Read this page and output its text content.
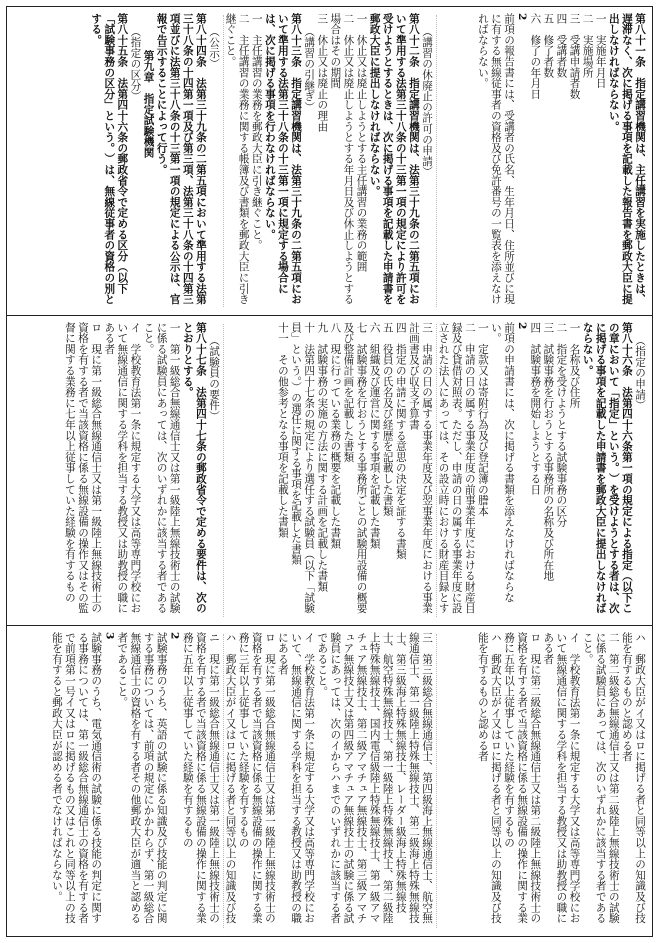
第八十一条　指定講習機関は、主任講習を実施したときは、遅滞なく、次に掲げる事項を記載した報告書を郵政大臣に提出しなければならない。
一　実施年月日
二　実施場所
三　受講申請者数
四　受講者数
五　修了者数
六　修了の年月日
2
前項の報告書には、受講者の氏名、生年月日、住所並びに現に有する無線従事者の資格及び免許番号の一覧表を添えなければならない。
（講習の休廃止の許可の申請）
第八十二条　指定講習機関は、法第三十九条の二第五項において準用する法第三十八条の十三第一項の規定により許可を受けようとするときは、次に掲げる事項を記載した申請書を郵政大臣に提出しなければならない。
一　休止又は廃止しようとする主任講習の業務の範囲
二　休止又は廃止しようとする年月日及び休止しようとする場合はその期間
三　休止又は廃止の理由
（講習の引継ぎ）
第八十三条　指定講習機関は、法第三十九条の二第五項において準用する法第三十八条の十三第一項に規定する場合には、次に掲げる事項を行わなければならない。
一　主任講習の業務を郵政大臣に引き継ぐこと。
二　主任講習の業務に関する帳簿及び書類を郵政大臣に引き継ぐこと。
（公示）
第八十四条　法第三十九条の二第五項において準用する法第三十八条の十四第一項及び第三項、法第三十八条の十四第三項並びに法第三十八条の十三第一項の規定による公示は、官報で告示することによって行う。
第九章　指定試験機関
（指定の区分）
第八十五条　法第四十六条の郵政省令で定める区分（以下「試験事務の区分」という。）は、無線従事者の資格の別とする。
（指定の申請）
第八十六条　法第四十六条第一項の規定による指定（以下この章において「指定」という。）を受けようとする者は、次に掲げる事項を記載した申請書を郵政大臣に提出しなければならない。
一　名称及び住所
二　指定を受けようとする試験事務の区分
三　試験事務を行おうとする事務所の名称及び所在地
四　試験事務を開始しようとする日
2
前項の申請書には、次に掲げる書類を添えなければならない。
一　定款又は寄附行為及び登記簿の謄本
二　申請の日の属する事業年度の前事業年度における財産目録及び貸借対照表。ただし、申請の日の属する事業年度に設立された法人にあっては、その設立時における財産目録とす
三　申請の日の属する事業年度及び翌事業年度における事業計画書及び収支予算書
四　指定の申請に関する意思の決定を証する書類
五　役員の氏名及び経歴を記載した書類
六　組織及び運営に関する事項を記載した書類
七　試験事務を行おうとする事務所ごとの試験用設備の概要及び整備計画を記載した書類
八　現に行っている業務の概要を記載した書類
九　試験事務の実施の方法に関する計画を記載した書類
十　法第四十七条の規定により選任する試験員（以下「試験員」という。）の選任に関する事項を記載した書類
十一　その他参考となる事項を記載した書類
（試験員の要件）
第八十七条　法第四十七条の郵政省令で定める要件は、次のとおりとする。
一　第一級総合無線通信士又は第一級陸上無線技術士の試験に係る試験員にあっては、次のいずれかに該当する者であること。
イ　学校教育法第一条に規定する大学又は高等専門学校において無線通信に関する学科を担当する教授又は助教授の職にある者
ロ　現に第一級総合無線通信士又は第一級陸上無線技術士の資格を有する者で当該資格に係る無線設備の操作又はその監督に関する業務に七年以上従事していた経験を有するもの
ハ　郵政大臣がイ又はロに掲げる者と同等以上の知識及び技能を有するものと認める者
二　第二級総合無線通信士又は第二級陸上無線技術士の試験に係る試験員にあっては、次のいずれかに該当する者であること。
イ　学校教育法第一条に規定する大学又は高等専門学校において無線通信に関する学科を担当する教授又は助教授の職にある者
ロ　現に第二級総合無線通信士又は第二級陸上無線技術士の資格を有する者で当該資格に係る無線設備の操作に関する業務に五年以上従事していた経験を有するもの
ハ　郵政大臣がイ又はロに掲げる者と同等以上の知識及び技能を有するものと認める者
三　第三級総合無線通信士、第四級海上無線通信士、航空無線通信士、第一級陸上特殊無線技士、第二級海上特殊無線技士、第三級海上特殊無線技士、レーダー級海上特殊無線技士、航空特殊無線技士、第一級陸上特殊無線技士、第二級陸上特殊無線技士、国内電信級陸上特殊無線技士、第一級アマチュア無線技士、第二級アマチュア無線技士、第三級アマチュア無線技士又は第四級アマチュア無線技士の試験に係る試験員にあっては、次のイからハまでのいずれかに該当する者であること。
イ　学校教育法第一条に規定する大学又は高等専門学校において、無線通信に関する学科を担当する教授又は助教授の職にある者
ロ　現に第一級総合無線通信士又は第一級陸上無線技術士の資格を有する者で当該資格に係る無線設備の操作に関する業務に三年以上従事していた経験を有するもの
ハ　郵政大臣がイ又はロに掲げる者と同等以上の知識及び技
ニ　現に第一級総合無線通信士又は第一級陸上無線技術士の資格を有する者で当該資格に係る無線設備の操作に関する業務に五年以上従事していた経験を有するもの
2
試験事務のうち、英語の試験に係る知識及び技能の判定に関する事務については、前項の規定にかかわらず、第一級総合無線通信士の資格を有する者その他郵政大臣が適当と認める者であること。
3
試験事務のうち、電気通信術の試験に係る技能の判定に関する事務については、第一級総合無線通信士の資格を有する者で前項第一号イ又はロに掲げるもの又はこれと同等以上の技能を有すると郵政大臣が認める者でなければならない。
